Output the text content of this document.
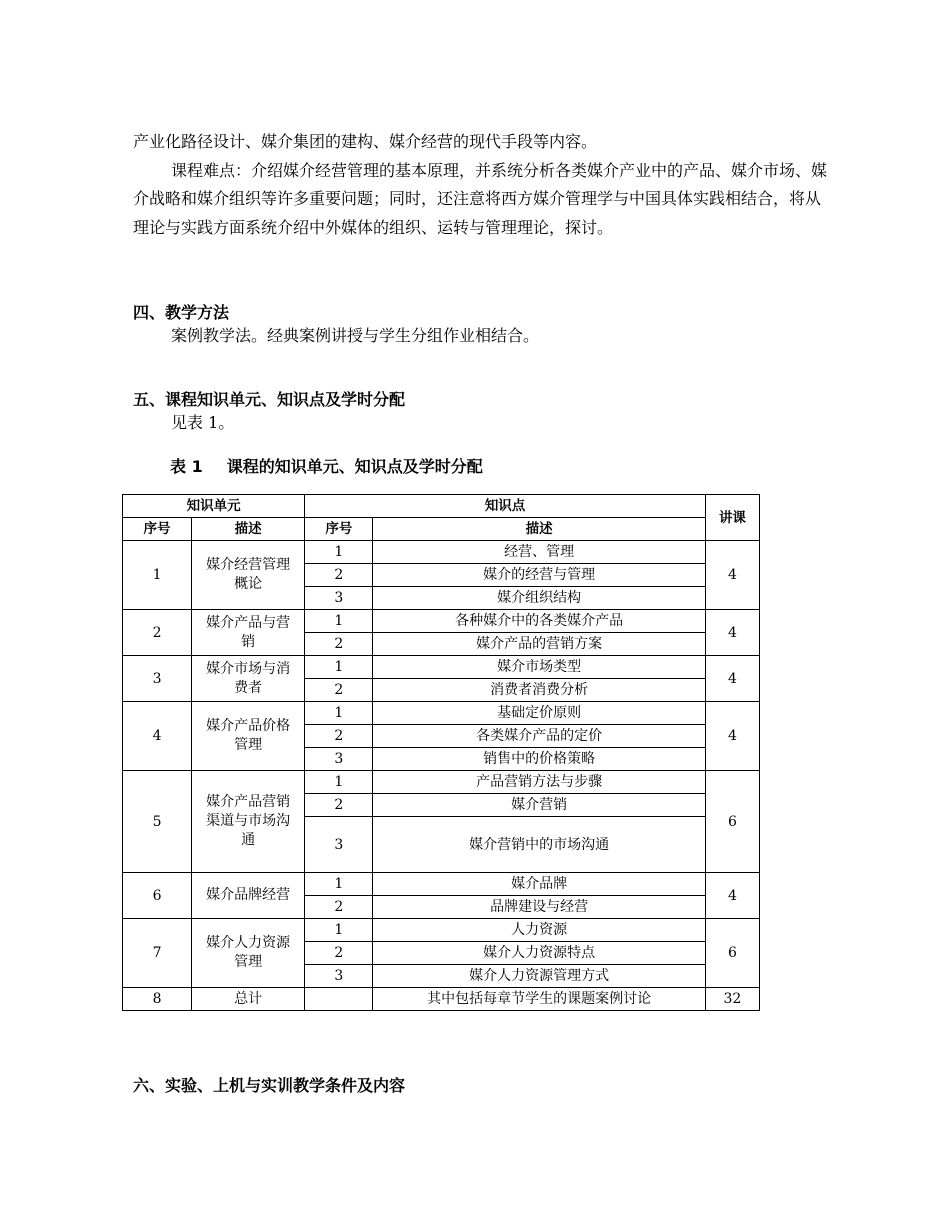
产业化路径设计、媒介集团的建构、媒介经营的现代手段等内容。
课程难点：介绍媒介经营管理的基本原理，并系统分析各类媒介产业中的产品、媒介市场、媒介战略和媒介组织等许多重要问题；同时，还注意将西方媒介管理学与中国具体实践相结合，将从理论与实践方面系统介绍中外媒体的组织、运转与管理理论，探讨。
四、教学方法
案例教学法。经典案例讲授与学生分组作业相结合。
五、课程知识单元、知识点及学时分配
见表 1。
表 1 课程的知识单元、知识点及学时分配
知识单元		知识点		讲课
序号	描述	序号	描述	
1	媒介经营管理概论	1	经营、管理	4
		2	媒介的经营与管理	
		3	媒介组织结构	
2	媒介产品与营销	1	各种媒介中的各类媒介产品	4
		2	媒介产品的营销方案	
3	媒介市场与消费者	1	媒介市场类型	4
		2	消费者消费分析	
4	媒介产品价格管理	1	基础定价原则	4
		2	各类媒介产品的定价	
		3	销售中的价格策略	
5	媒介产品营销渠道与市场沟通	1	产品营销方法与步骤	6
		2	媒介营销	
		3	媒介营销中的市场沟通	
6	媒介品牌经营	1	媒介品牌	4
		2	品牌建设与经营	
7	媒介人力资源管理	1	人力资源	6
		2	媒介人力资源特点	
		3	媒介人力资源管理方式	
8	总计		其中包括每章节学生的课题案例讨论	32
六、实验、上机与实训教学条件及内容
